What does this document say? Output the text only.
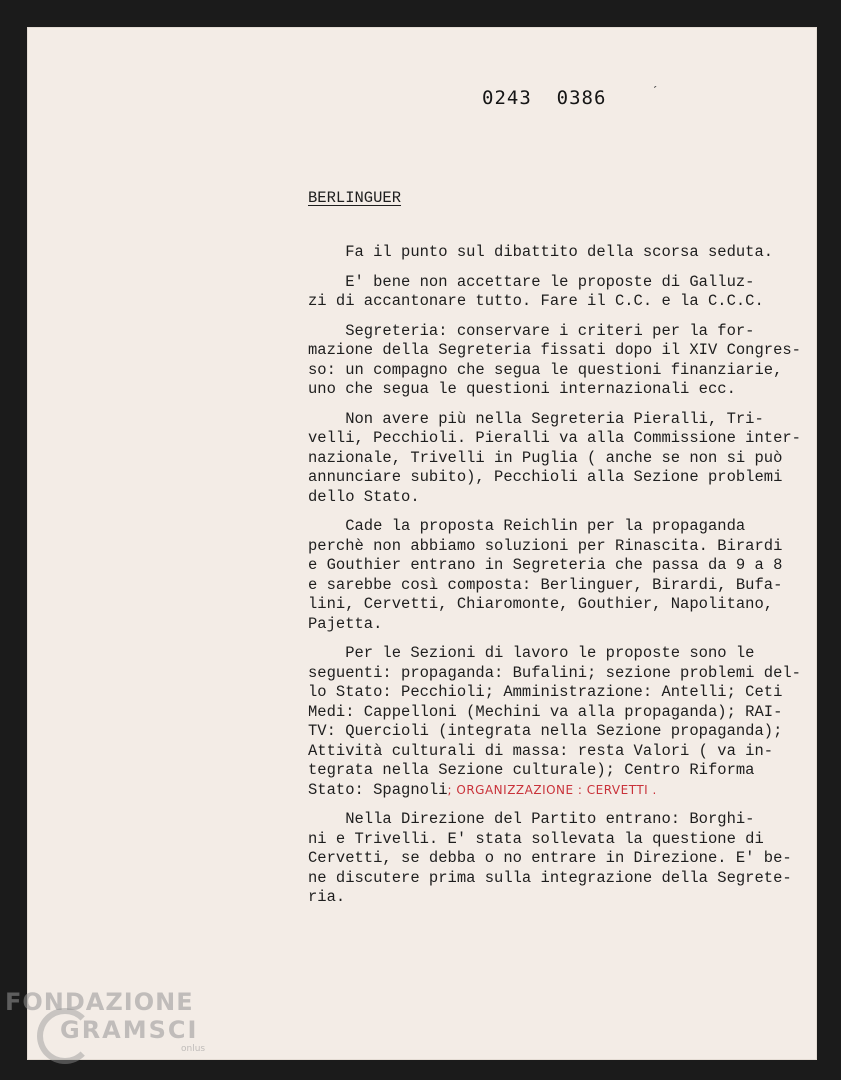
0243  0386	ˊ
BERLINGUER
Fa il punto sul dibattito della scorsa seduta.
E' bene non accettare le proposte di Galluz-
zi di accantonare tutto. Fare il C.C. e la C.C.C.
Segreteria: conservare i criteri per la for-
mazione della Segreteria fissati dopo il XIV Congres-
so: un compagno che segua le questioni finanziarie,
uno che segua le questioni internazionali ecc.
Non avere più nella Segreteria Pieralli, Tri-
velli, Pecchioli. Pieralli va alla Commissione inter-
nazionale, Trivelli in Puglia ( anche se non si può
annunciare subito), Pecchioli alla Sezione problemi
dello Stato.
Cade la proposta Reichlin per la propaganda
perchè non abbiamo soluzioni per Rinascita. Birardi
e Gouthier entrano in Segreteria che passa da 9 a 8
e sarebbe così composta: Berlinguer, Birardi, Bufa-
lini, Cervetti, Chiaromonte, Gouthier, Napolitano,
Pajetta.
Per le Sezioni di lavoro le proposte sono le
seguenti: propaganda: Bufalini; sezione problemi del-
lo Stato: Pecchioli; Amministrazione: Antelli; Ceti
Medi: Cappelloni (Mechini va alla propaganda); RAI-
TV: Quercioli (integrata nella Sezione propaganda);
Attività culturali di massa: resta Valori ( va in-
tegrata nella Sezione culturale); Centro Riforma
Stato: Spagnoli; ORGANIZZAZIONE : CERVETTI .
Nella Direzione del Partito entrano: Borghi-
ni e Trivelli. E' stata sollevata la questione di
Cervetti, se debba o no entrare in Direzione. E' be-
ne discutere prima sulla integrazione della Segrete-
ria.
FONDAZIONE
GRAMSCI
onlus
